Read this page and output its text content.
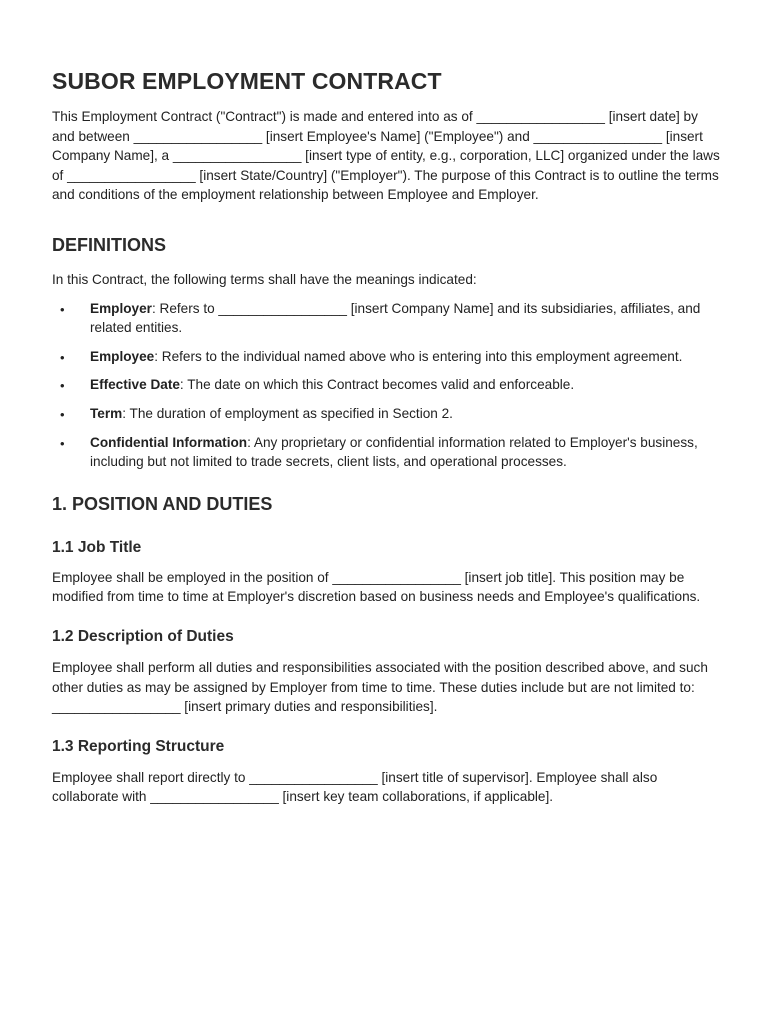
SUBOR EMPLOYMENT CONTRACT

This Employment Contract ("Contract") is made and entered into as of _________________ [insert date] by and between _________________ [insert Employee's Name] ("Employee") and _________________ [insert Company Name], a _________________ [insert type of entity, e.g., corporation, LLC] organized under the laws of _________________ [insert State/Country] ("Employer"). The purpose of this Contract is to outline the terms and conditions of the employment relationship between Employee and Employer.

DEFINITIONS

In this Contract, the following terms shall have the meanings indicated:

• Employer: Refers to _________________ [insert Company Name] and its subsidiaries, affiliates, and related entities.
• Employee: Refers to the individual named above who is entering into this employment agreement.
• Effective Date: The date on which this Contract becomes valid and enforceable.
• Term: The duration of employment as specified in Section 2.
• Confidential Information: Any proprietary or confidential information related to Employer's business, including but not limited to trade secrets, client lists, and operational processes.
1. POSITION AND DUTIES
1.1 Job Title

Employee shall be employed in the position of _________________ [insert job title]. This position may be modified from time to time at Employer's discretion based on business needs and Employee's qualifications.

1.2 Description of Duties

Employee shall perform all duties and responsibilities associated with the position described above, and such other duties as may be assigned by Employer from time to time. These duties include but are not limited to: _________________ [insert primary duties and responsibilities].

1.3 Reporting Structure

Employee shall report directly to _________________ [insert title of supervisor]. Employee shall also collaborate with _________________ [insert key team collaborations, if applicable].
